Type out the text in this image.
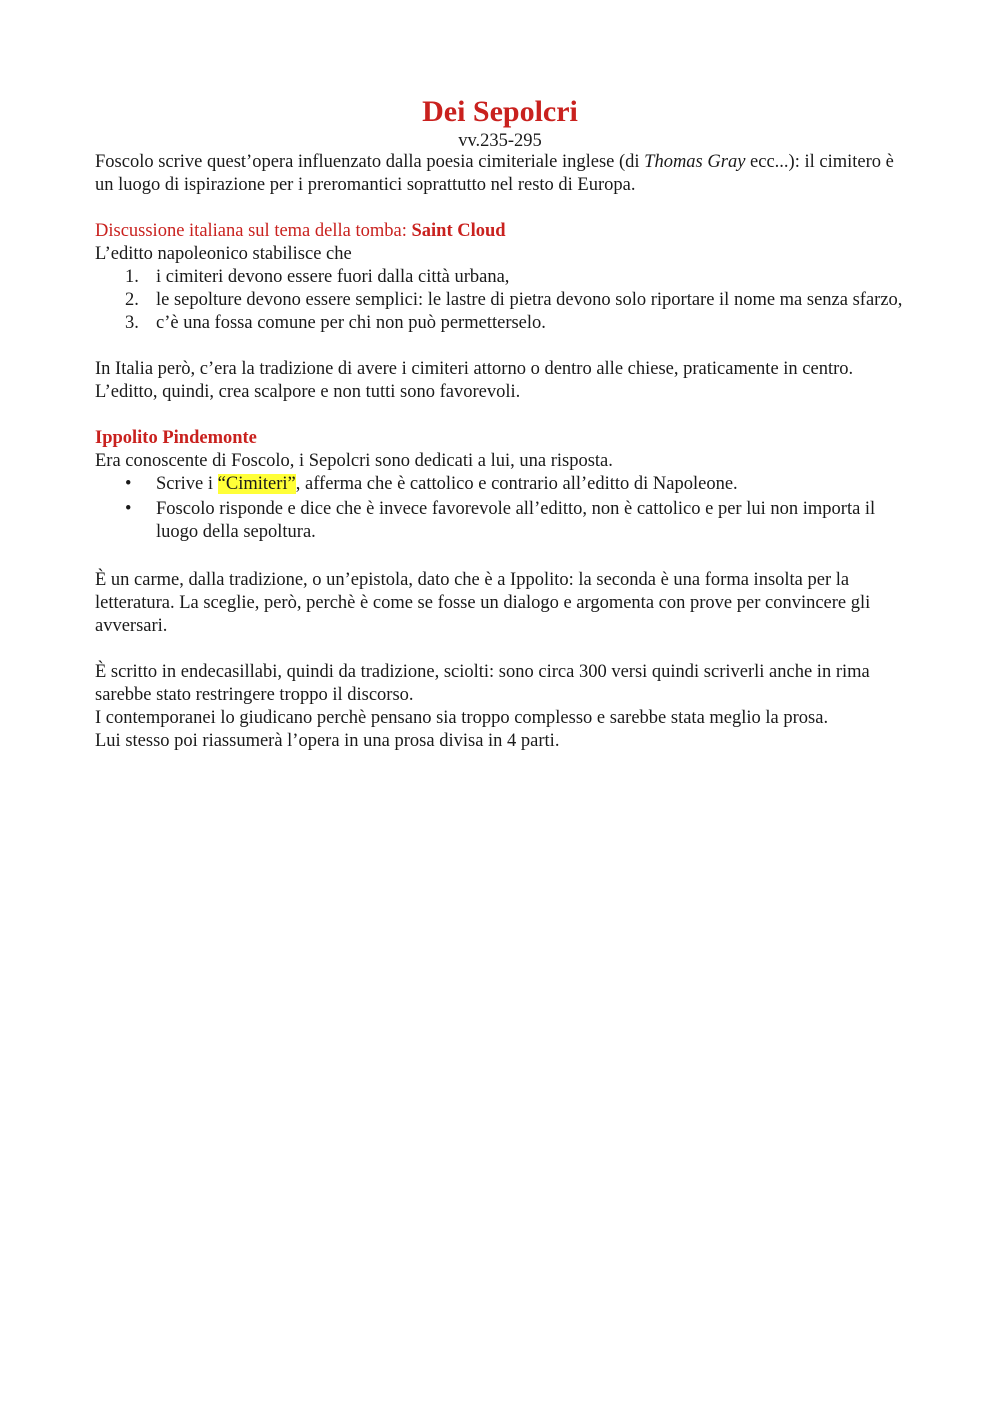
Dei Sepolcri

vv.235-295

Foscolo scrive quest’opera influenzato dalla poesia cimiteriale inglese (di Thomas Gray ecc...): il cimitero è un luogo di ispirazione per i preromantici soprattutto nel resto di Europa.

Discussione italiana sul tema della tomba: Saint Cloud

L’editto napoleonico stabilisce che

1. i cimiteri devono essere fuori dalla città urbana,
2. le sepolture devono essere semplici: le lastre di pietra devono solo riportare il nome ma senza sfarzo,
3. c’è una fossa comune per chi non può permetterselo.

In Italia però, c’era la tradizione di avere i cimiteri attorno o dentro alle chiese, praticamente in centro. L’editto, quindi, crea scalpore e non tutti sono favorevoli.

Ippolito Pindemonte

Era conoscente di Foscolo, i Sepolcri sono dedicati a lui, una risposta.

• Scrive i “Cimiteri”, afferma che è cattolico e contrario all’editto di Napoleone.
• Foscolo risponde e dice che è invece favorevole all’editto, non è cattolico e per lui non importa il luogo della sepoltura.

È un carme, dalla tradizione, o un’epistola, dato che è a Ippolito: la seconda è una forma insolta per la letteratura. La sceglie, però, perchè è come se fosse un dialogo e argomenta con prove per convincere gli avversari.

È scritto in endecasillabi, quindi da tradizione, sciolti: sono circa 300 versi quindi scriverli anche in rima sarebbe stato restringere troppo il discorso.

I contemporanei lo giudicano perchè pensano sia troppo complesso e sarebbe stata meglio la prosa.

Lui stesso poi riassumerà l’opera in una prosa divisa in 4 parti.
